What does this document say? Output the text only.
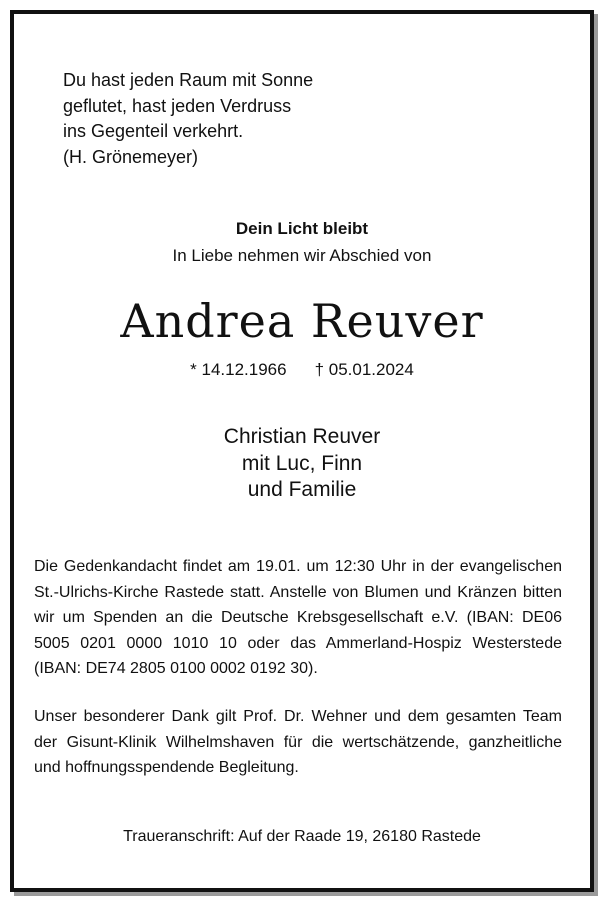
Du hast jeden Raum mit Sonne
geflutet, hast jeden Verdruss
ins Gegenteil verkehrt.
(H. Grönemeyer)
Dein Licht bleibt
In Liebe nehmen wir Abschied von
Andrea Reuver
* 14.12.1966 † 05.01.2024
Christian Reuver
mit Luc, Finn
und Familie
Die Gedenkandacht findet am 19.01. um 12:30 Uhr in der evangelischen St.-Ulrichs-Kirche Rastede statt. Anstelle von Blumen und Kränzen bitten wir um Spenden an die Deutsche Krebsgesellschaft e.V. (IBAN: DE06 5005 0201 0000 1010 10 oder das Ammerland-Hospiz Westerstede (IBAN: DE74 2805 0100 0002 0192 30).
Unser besonderer Dank gilt Prof. Dr. Wehner und dem gesamten Team der Gisunt-Klinik Wilhelmshaven für die wertschätzende, ganzheitliche und hoffnungsspendende Begleitung.
Traueranschrift: Auf der Raade 19, 26180 Rastede
